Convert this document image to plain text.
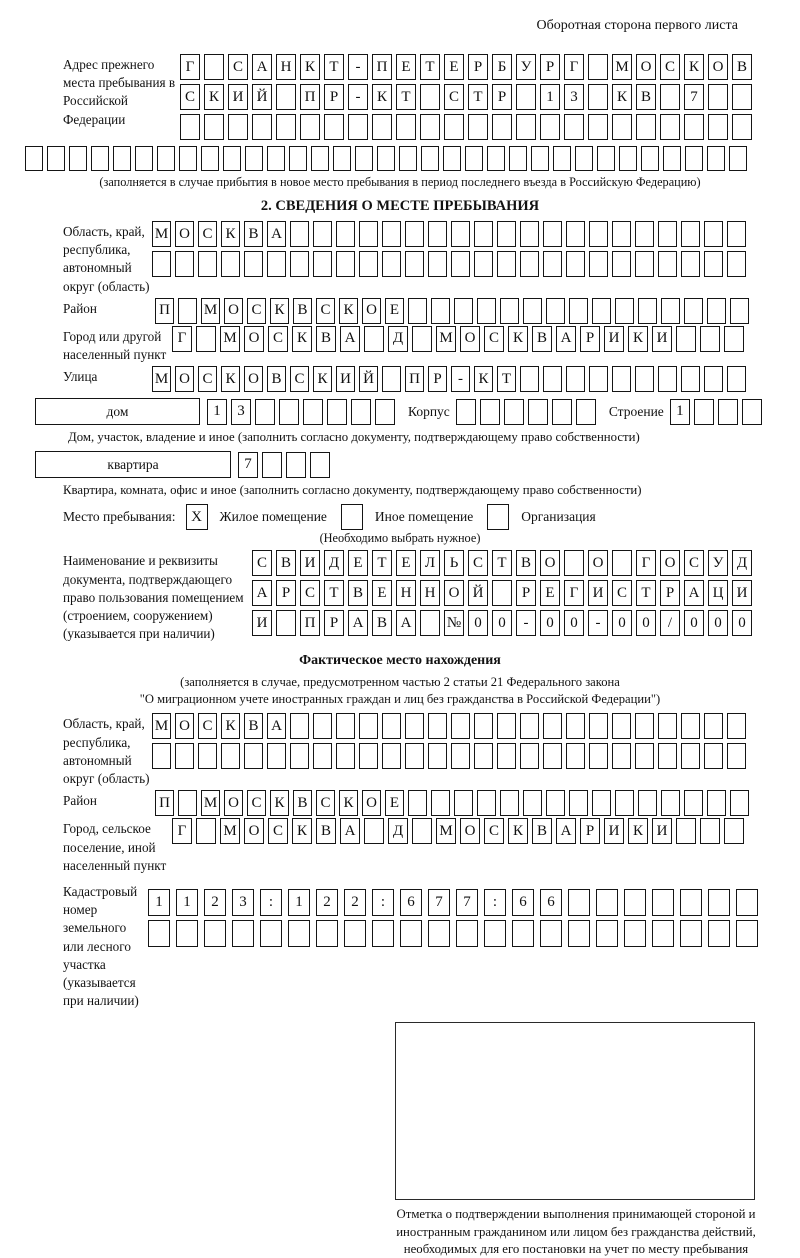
Оборотная сторона первого листа
Адрес прежнего места пребывания в Российской Федерации
Г	С А Н К Т	-	П Е Т Е	Р	Б У Р	Г	М О С К О В
С К И Й	П Р	-	К Т	С Т	Р	1	3	К В	7
(заполняется в случае прибытия в новое место пребывания в период последнего въезда в Российскую Федерацию)
2. СВЕДЕНИЯ О МЕСТЕ ПРЕБЫВАНИЯ
Область, край, республика, автономный округ (область)
М О С К В А
Район	П М О С К В С К О Е
Город или другой населенный пункт
Г	М О С К В А	Д	М О С К В А Р И К И
Улица	М О С К О В С К И Й П Р	-	К Т
дом	1	3	Корпус	Строение 1
Дом, участок, владение и иное (заполнить согласно документу, подтверждающему право собственности)
квартира	7
Квартира, комната, офис и иное (заполнить согласно документу, подтверждающему право собственности)
Место пребывания:	X	Жилое помещение	Иное помещение	Организация
(Необходимо выбрать нужное)
Наименование и реквизиты документа, подтверждающего право пользования помещением (строением, сооружением) (указывается при наличии)
С В И Д Е Т Е Л Ь С Т В О	О	Г О С У Д
А Р С Т В Е Н Н О Й	Р	Е	Г И С Т	Р А Ц И
И	П Р А В А	№ 0	0	-	0	0	-	0	0	/	0	0	0
Фактическое место нахождения
(заполняется в случае, предусмотренном частью 2 статьи 21 Федерального закона
"О миграционном учете иностранных граждан и лиц без гражданства в Российской Федерации")
Область, край, республика, автономный округ (область)
М О С К В А
Район	П М О С К В С К О Е
Город, сельское поселение, иной населенный пункт
Г	М О С К В А	Д	М О С К В А Р И К И
Кадастровый номер земельного или лесного участка (указывается при наличии)
1	1	2	3	:	1	2	2	:	6	7	7	:	6	6
Отметка о подтверждении выполнения принимающей стороной и иностранным гражданином или лицом без гражданства действий, необходимых для его постановки на учет по месту пребывания
